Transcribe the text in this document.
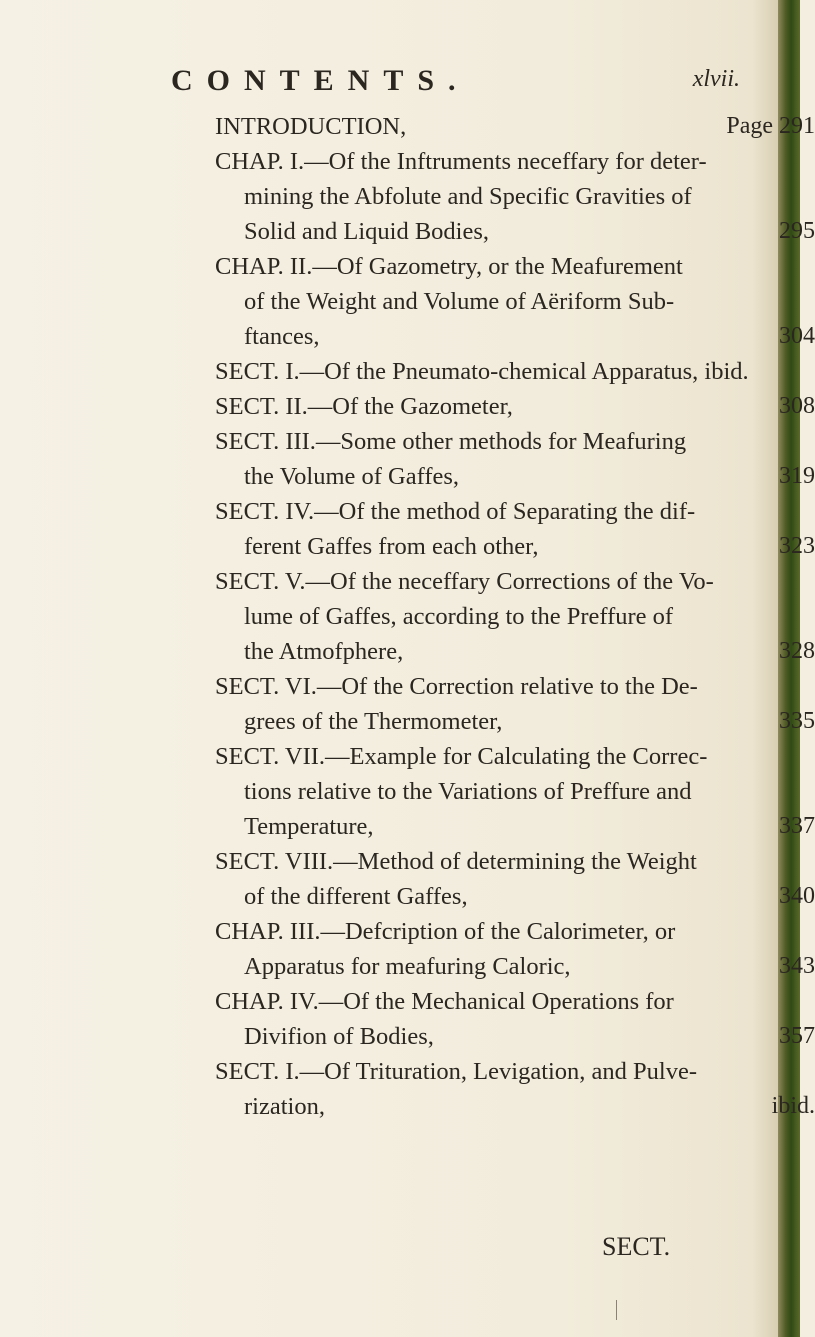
CONTENTS.	xlvii.
INTRODUCTION,	Page 291
CHAP. I.—Of the Inftruments neceffary for deter-
mining the Abfolute and Specific Gravities of
Solid and Liquid Bodies,	295
CHAP. II.—Of Gazometry, or the Meafurement
of the Weight and Volume of Aëriform Sub-
ftances,	304
SECT. I.—Of the Pneumato-chemical Apparatus, ibid.
SECT. II.—Of the Gazometer,	308
SECT. III.—Some other methods for Meafuring
the Volume of Gaffes,	319
SECT. IV.—Of the method of Separating the dif-
ferent Gaffes from each other,	323
SECT. V.—Of the neceffary Corrections of the Vo-
lume of Gaffes, according to the Preffure of
the Atmofphere,	328
SECT. VI.—Of the Correction relative to the De-
grees of the Thermometer,	335
SECT. VII.—Example for Calculating the Correc-
tions relative to the Variations of Preffure and
Temperature,	337
SECT. VIII.—Method of determining the Weight
of the different Gaffes,	340
CHAP. III.—Defcription of the Calorimeter, or
Apparatus for meafuring Caloric,	343
CHAP. IV.—Of the Mechanical Operations for
Divifion of Bodies,	357
SECT. I.—Of Trituration, Levigation, and Pulve-
rization,	ibid.
SECT.
